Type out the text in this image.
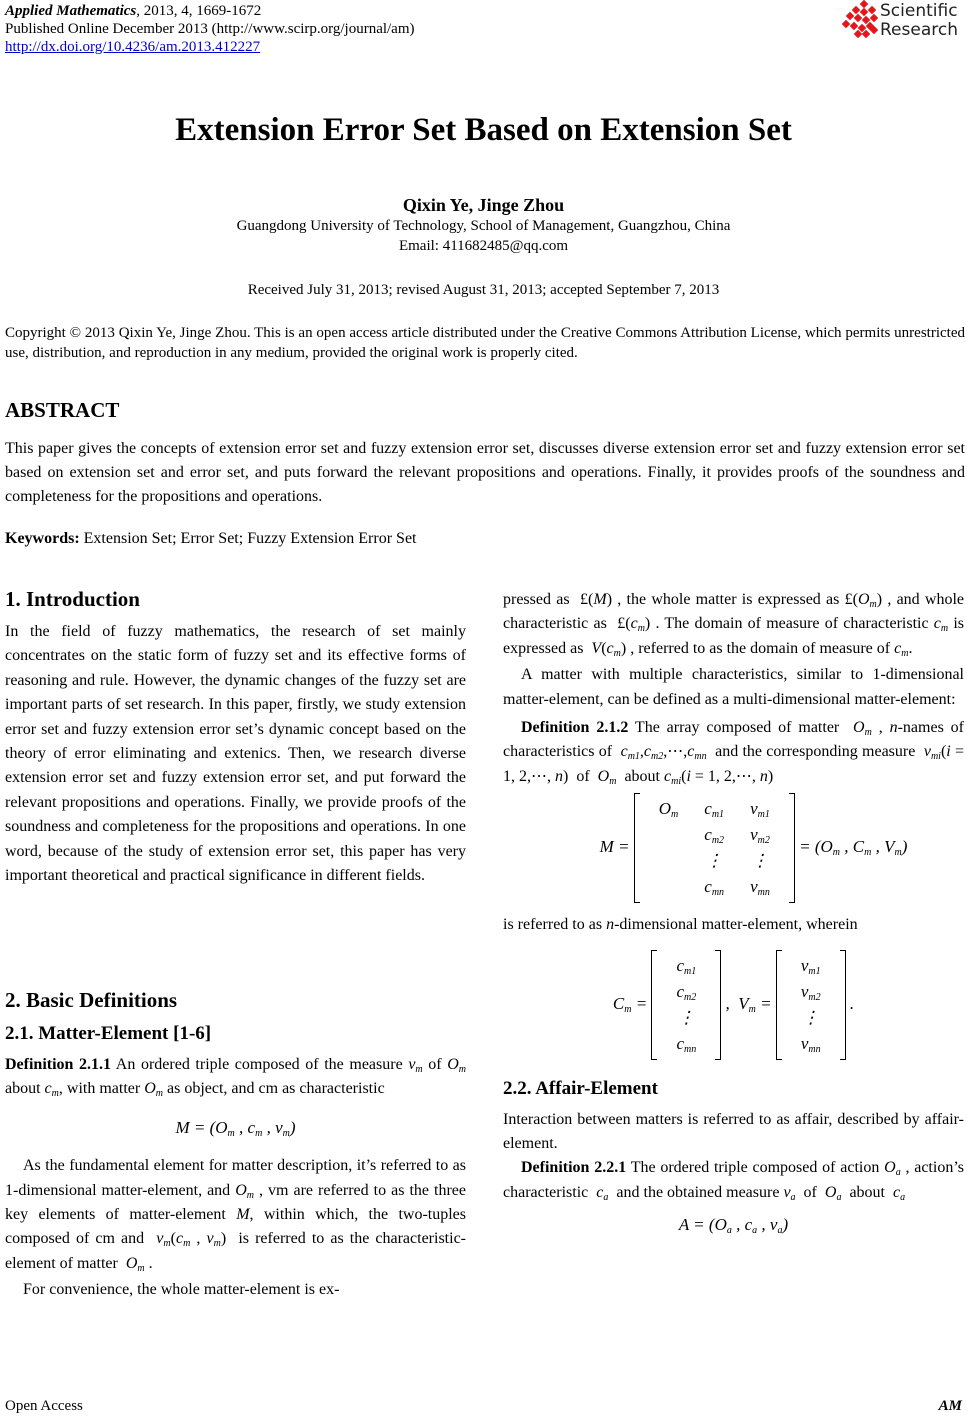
Applied Mathematics, 2013, 4, 1669-1672
Published Online December 2013 (http://www.scirp.org/journal/am)
http://dx.doi.org/10.4236/am.2013.412227
Scientific
Research
Extension Error Set Based on Extension Set
Qixin Ye, Jinge Zhou
Guangdong University of Technology, School of Management, Guangzhou, China
Email: 411682485@qq.com
Received July 31, 2013; revised August 31, 2013; accepted September 7, 2013
Copyright © 2013 Qixin Ye, Jinge Zhou. This is an open access article distributed under the Creative Commons Attribution License, which permits unrestricted use, distribution, and reproduction in any medium, provided the original work is properly cited.
ABSTRACT
This paper gives the concepts of extension error set and fuzzy extension error set, discusses diverse extension error set and fuzzy extension error set based on extension set and error set, and puts forward the relevant propositions and operations. Finally, it provides proofs of the soundness and completeness for the propositions and operations.
Keywords: Extension Set; Error Set; Fuzzy Extension Error Set
1. Introduction

In the field of fuzzy mathematics, the research of set mainly concentrates on the static form of fuzzy set and its effective forms of reasoning and rule. However, the dynamic changes of the fuzzy set are important parts of set research. In this paper, firstly, we study extension error set and fuzzy extension error set’s dynamic concept based on the theory of error eliminating and extenics. Then, we research diverse extension error set and fuzzy extension error set, and put forward the relevant propositions and operations. Finally, we provide proofs of the soundness and completeness for the propositions and operations. In one word, because of the study of extension error set, this paper has very important theoretical and practical significance in different fields.

2. Basic Definitions
2.1. Matter-Element [1-6]

Definition 2.1.1 An ordered triple composed of the measure $v_m$ of $O_m$ about $c_m$, with matter $O_m$ as object, and cm as characteristic

$M = (O_m$ , $c_m$ , $v_m$)

As the fundamental element for matter description, it’s referred to as 1-dimensional matter-element, and $O_m$ , vm are referred to as the three key elements of matter-element M, within which, the two-tuples composed of cm and  $v_m(c_m$ , $v_m$)  is referred to as the characteristic-element of matter  $O_m$ .

For convenience, the whole matter-element is ex-

pressed as  £(M) , the whole matter is expressed as $£(O_m)$ , and whole characteristic as  $£(c_m)$ . The domain of measure of characteristic $c_m$ is expressed as  $V(c_m)$ , referred to as the domain of measure of $c_m$.

A matter with multiple characteristics, similar to 1-dimensional matter-element, can be defined as a multi-dimensional matter-element:

Definition 2.1.2 The array composed of matter  $O_m$ , n-names of characteristics of  $c_{m1},c_{m2},\cdots,c_{mn}$  and the corresponding measure  $v_{mi}(i = 1$, 2,⋯, n)  of  $O_m$  about $c_{mi}(i = 1$, 2,⋯, n)

$M = O_m$	$c_{m1}$	$v_{m1}$
	$c_{m2}$	$v_{m2}$
	⋮	⋮
	$c_{mn}$	$v_{mn}$
= ($O_m$ , $C_m$ , $V_m$)

is referred to as n-dimensional matter-element, wherein

$C_m = c_{m1}$
$c_{m2}$
⋮
$c_{mn}$
,  $V_m = v_{m1}$
$v_{m2}$
⋮
$v_{mn}$
.
2.2. Affair-Element

Interaction between matters is referred to as affair, described by affair-element.

Definition 2.2.1 The ordered triple composed of action $O_a$ , action’s characteristic  $c_a$  and the obtained measure $v_a$  of  $O_a$  about  $c_a$

$A = (O_a$ , $c_a$ , $v_a$)
Open Access	AM
